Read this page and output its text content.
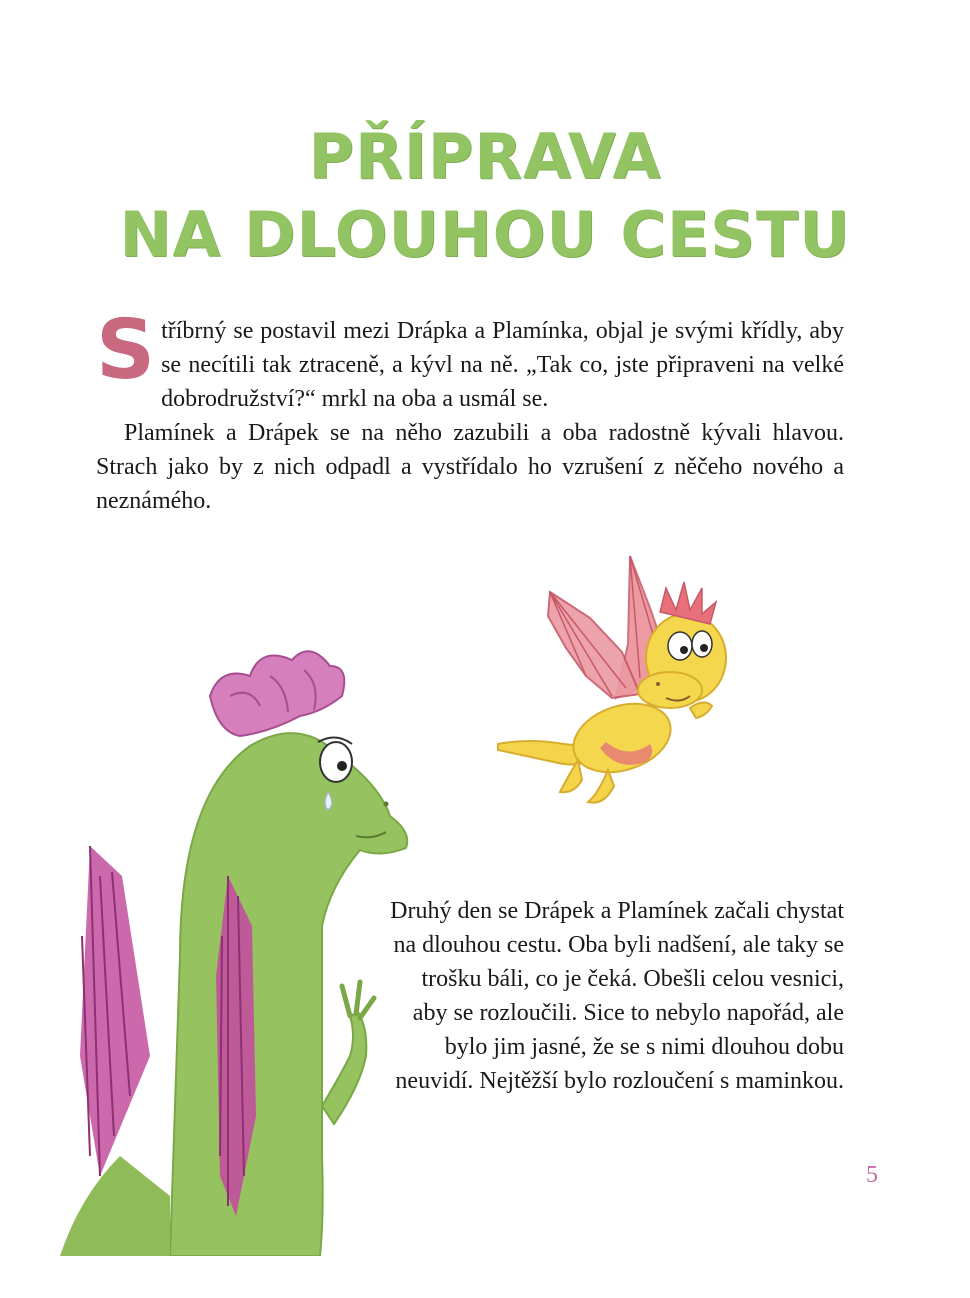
PŘÍPRAVA
NA DLOUHOU CESTU

Stříbrný se postavil mezi Drápka a Plamínka, objal je svými křídly, aby se necítili tak ztraceně, a kývl na ně. „Tak co, jste připraveni na velké dobrodružství?“ mrkl na oba a usmál se.

Plamínek a Drápek se na něho zazubili a oba radostně kývali hlavou. Strach jako by z nich odpadl a vystřídalo ho vzrušení z něčeho nového a neznámého.

Druhý den se Drápek a Plamínek začali chystat na dlouhou cestu. Oba byli nadšení, ale taky se trošku báli, co je čeká. Obešli celou vesnici, aby se rozloučili. Sice to nebylo napořád, ale bylo jim jasné, že se s nimi dlouhou dobu neuvidí. Nejtěžší bylo rozloučení s maminkou.

5
